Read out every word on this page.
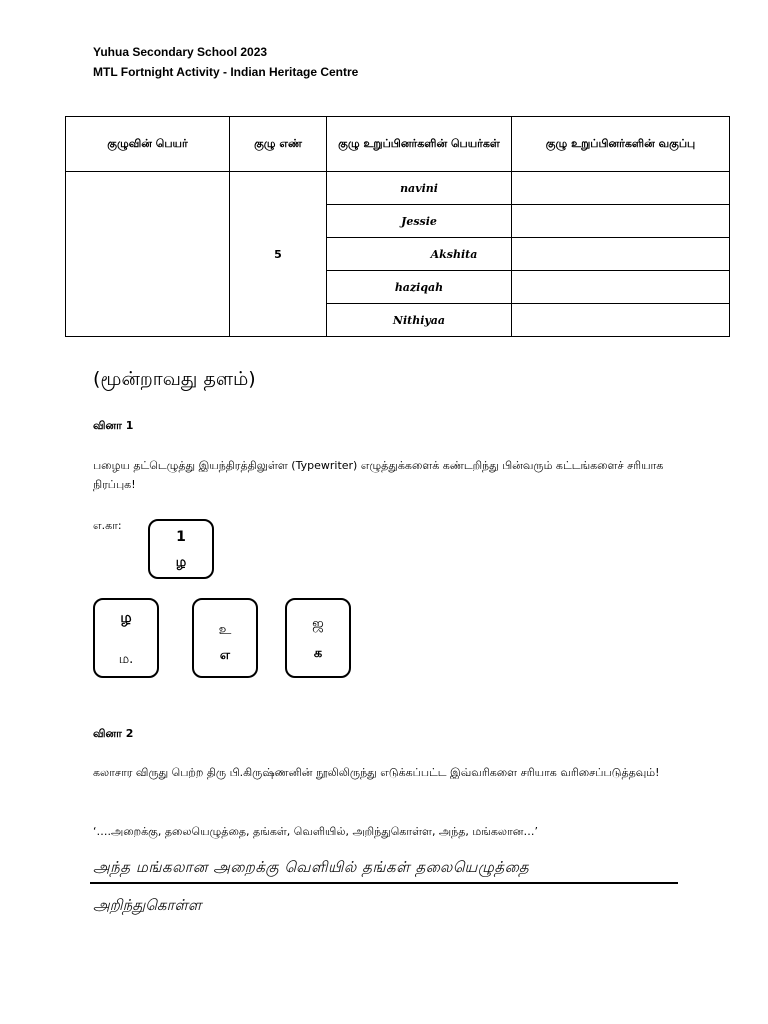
Yuhua Secondary School 2023
MTL Fortnight Activity - Indian Heritage Centre
குழுவின் பெயர்	குழு எண்	குழு உறுப்பினர்களின் பெயர்கள்	குழு உறுப்பினர்களின் வகுப்பு
	5	navini	
		Jessie	
		Akshita	
		haziqah	
		Nithiyaa	
(மூன்றாவது தளம்)
வினா 1
பழைய தட்டெழுத்து இயந்திரத்திலுள்ள (Typewriter) எழுத்துக்களைக் கண்டறிந்து பின்வரும் கட்டங்களைச் சரியாக நிரப்புக!
எ.கா:
1
ழ
ழ
ம.
உ
எ
ஜ
க
வினா 2
கலாசார விருது பெற்ற திரு பி.கிருஷ்ணனின் நூலிலிருந்து எடுக்கப்பட்ட இவ்வரிகளை சரியாக வரிசைப்படுத்தவும்!
‘….அறைக்கு, தலையெழுத்தை, தங்கள், வெளியில், அறிந்துகொள்ள, அந்த, மங்கலான…’
அந்த மங்கலான அறைக்கு வெளியில் தங்கள் தலையெழுத்தை
அறிந்துகொள்ள
